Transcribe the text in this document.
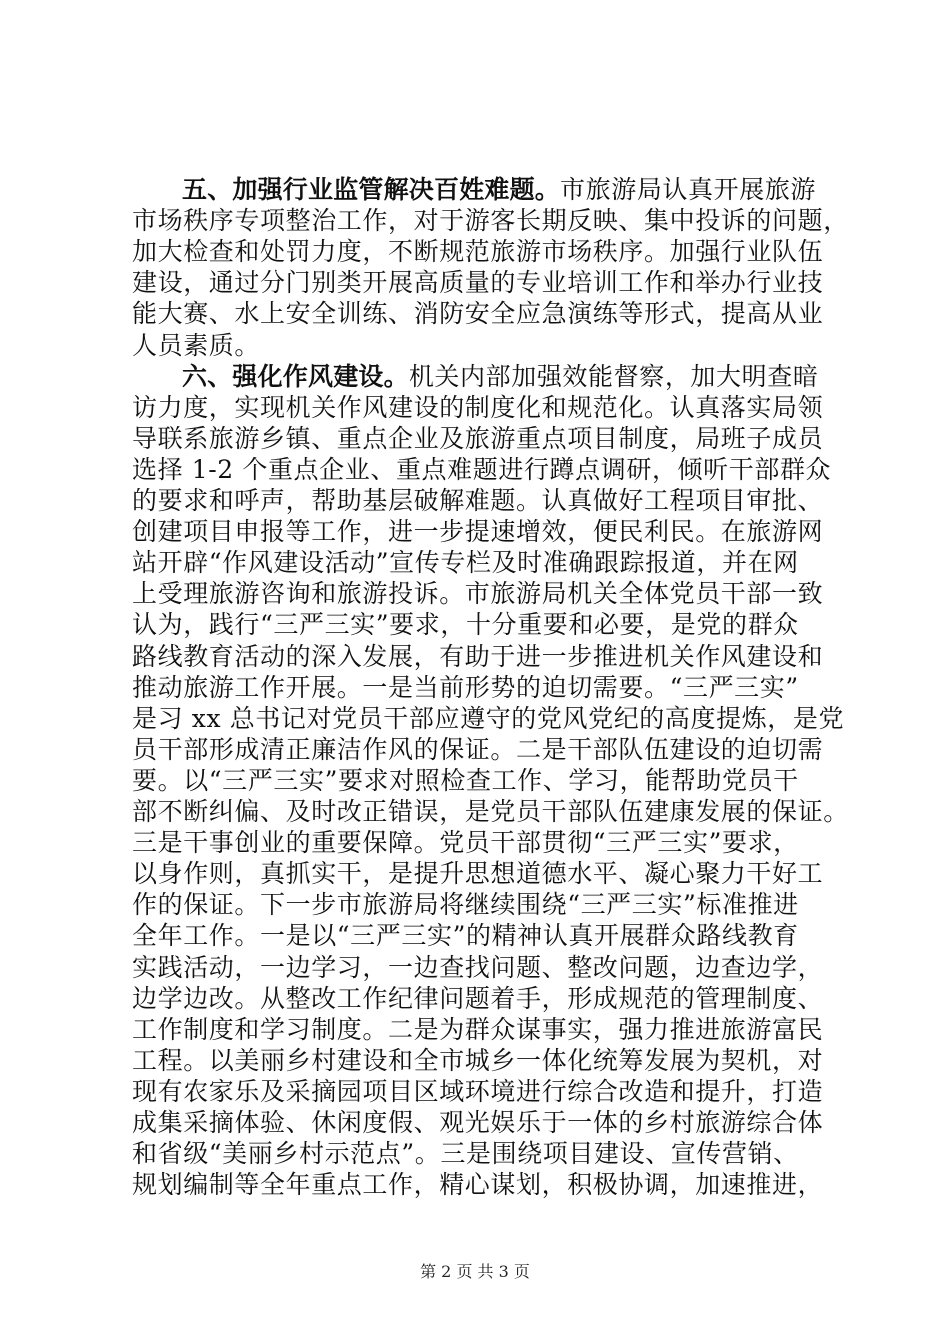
五、加强行业监管解决百姓难题。市旅游局认真开展旅游
市场秩序专项整治工作，对于游客长期反映、集中投诉的问题，
加大检查和处罚力度，不断规范旅游市场秩序。加强行业队伍
建设，通过分门别类开展高质量的专业培训工作和举办行业技
能大赛、水上安全训练、消防安全应急演练等形式，提高从业
人员素质。
六、强化作风建设。机关内部加强效能督察，加大明查暗
访力度，实现机关作风建设的制度化和规范化。认真落实局领
导联系旅游乡镇、重点企业及旅游重点项目制度，局班子成员
选择 1-2 个重点企业、重点难题进行蹲点调研，倾听干部群众
的要求和呼声，帮助基层破解难题。认真做好工程项目审批、
创建项目申报等工作，进一步提速增效，便民利民。在旅游网
站开辟“作风建设活动”宣传专栏及时准确跟踪报道，并在网
上受理旅游咨询和旅游投诉。市旅游局机关全体党员干部一致
认为，践行“三严三实”要求，十分重要和必要，是党的群众
路线教育活动的深入发展，有助于进一步推进机关作风建设和
推动旅游工作开展。一是当前形势的迫切需要。“三严三实”
是习 xx 总书记对党员干部应遵守的党风党纪的高度提炼，是党
员干部形成清正廉洁作风的保证。二是干部队伍建设的迫切需
要。以“三严三实”要求对照检查工作、学习，能帮助党员干
部不断纠偏、及时改正错误，是党员干部队伍建康发展的保证。
三是干事创业的重要保障。党员干部贯彻“三严三实”要求，
以身作则，真抓实干，是提升思想道德水平、凝心聚力干好工
作的保证。下一步市旅游局将继续围绕“三严三实”标准推进
全年工作。一是以“三严三实”的精神认真开展群众路线教育
实践活动，一边学习，一边查找问题、整改问题，边查边学，
边学边改。从整改工作纪律问题着手，形成规范的管理制度、
工作制度和学习制度。二是为群众谋事实，强力推进旅游富民
工程。以美丽乡村建设和全市城乡一体化统筹发展为契机，对
现有农家乐及采摘园项目区域环境进行综合改造和提升，打造
成集采摘体验、休闲度假、观光娱乐于一体的乡村旅游综合体
和省级“美丽乡村示范点”。三是围绕项目建设、宣传营销、
规划编制等全年重点工作，精心谋划，积极协调，加速推进，
第 2 页 共 3 页
